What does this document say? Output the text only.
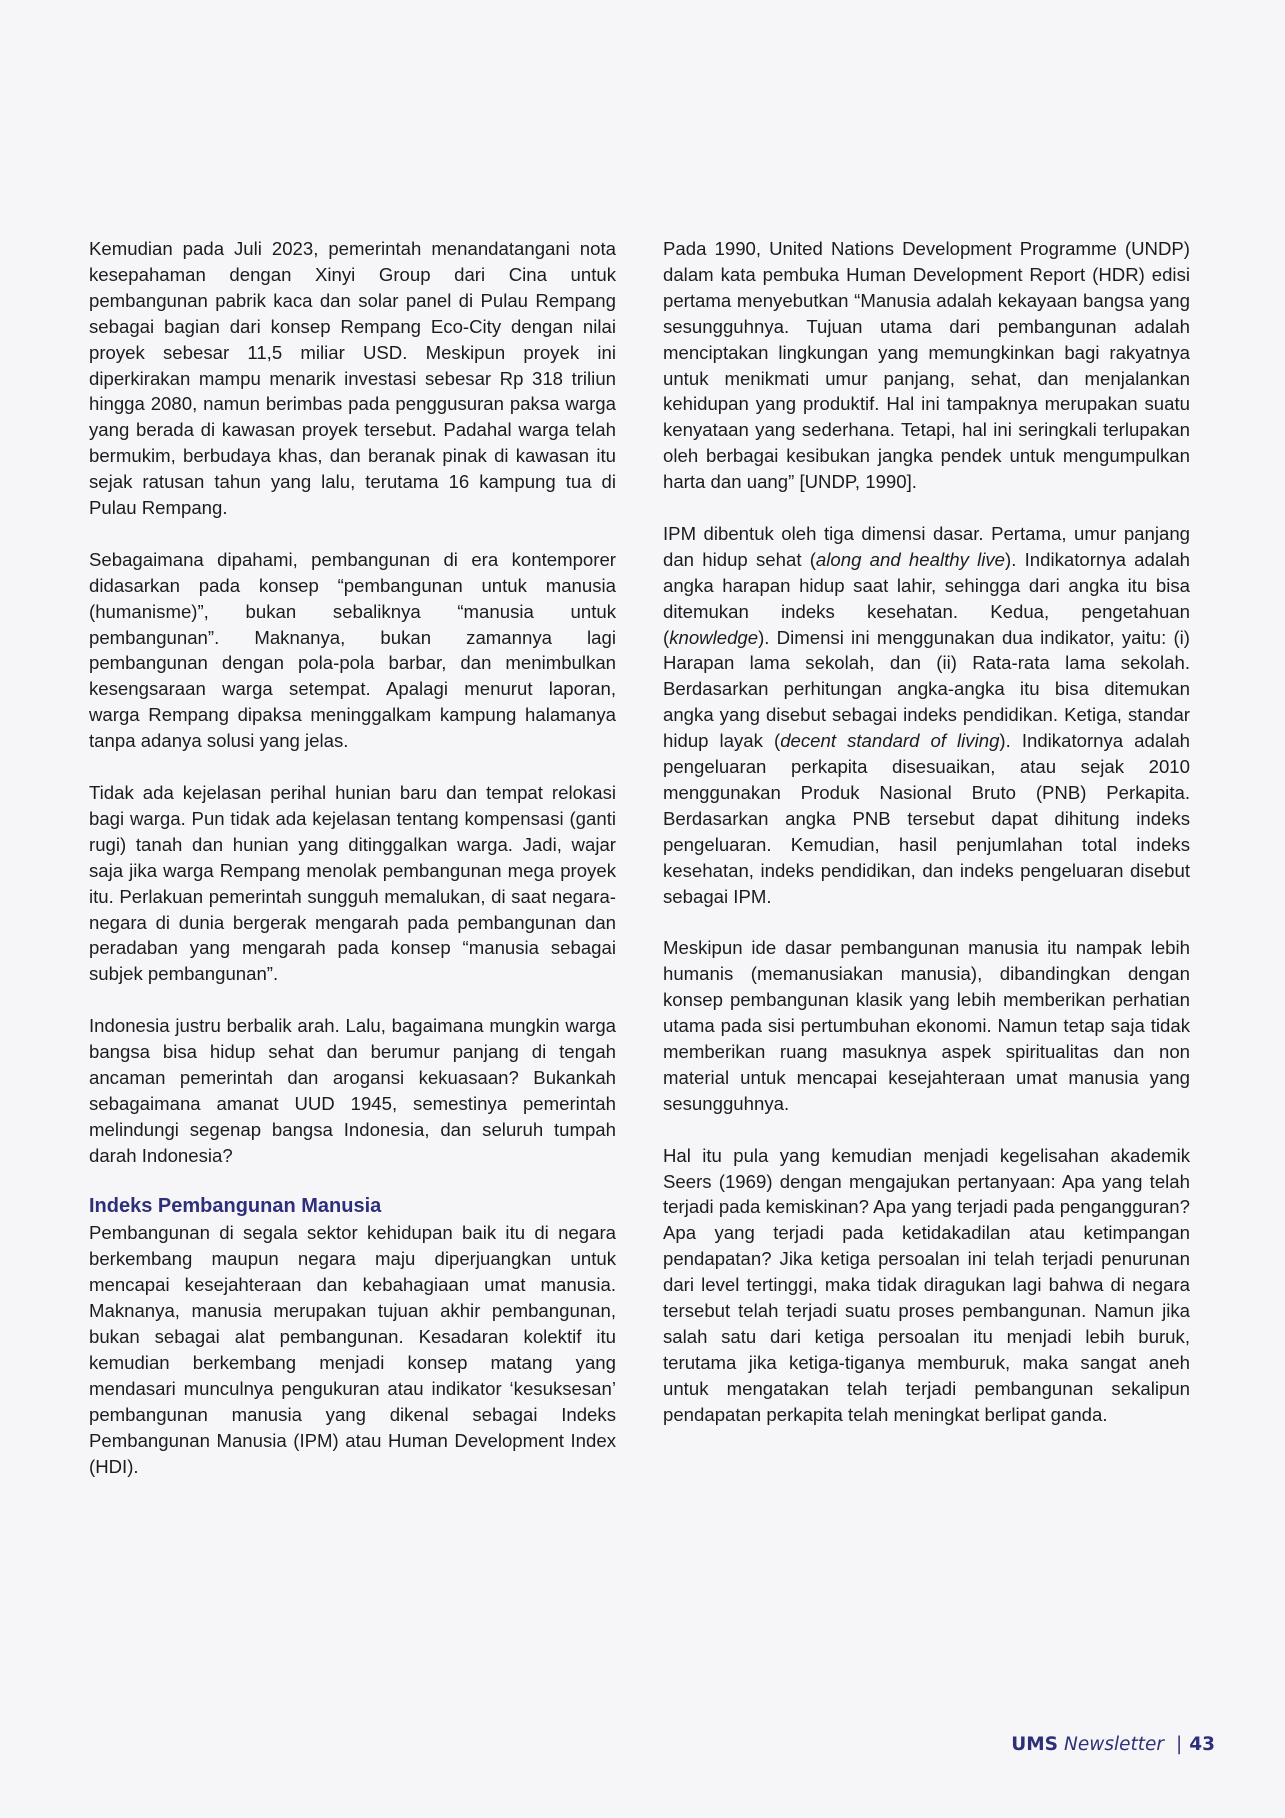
Kemudian pada Juli 2023, pemerintah menandatangani nota kesepahaman dengan Xinyi Group dari Cina untuk pembangunan pabrik kaca dan solar panel di Pulau Rempang sebagai bagian dari konsep Rempang Eco-City dengan nilai proyek sebesar 11,5 miliar USD. Meskipun proyek ini diperkirakan mampu menarik investasi sebesar Rp 318 triliun hingga 2080, namun berimbas pada penggusuran paksa warga yang berada di kawasan proyek tersebut. Padahal warga telah bermukim, berbudaya khas, dan beranak pinak di kawasan itu sejak ratusan tahun yang lalu, terutama 16 kampung tua di Pulau Rempang.

Sebagaimana dipahami, pembangunan di era kontemporer didasarkan pada konsep “pembangunan untuk manusia (humanisme)”, bukan sebaliknya “manusia untuk pembangunan”. Maknanya, bukan zamannya lagi pembangunan dengan pola-pola barbar, dan menimbulkan kesengsaraan warga setempat. Apalagi menurut laporan, warga Rempang dipaksa meninggalkam kampung halamanya tanpa adanya solusi yang jelas.

Tidak ada kejelasan perihal hunian baru dan tempat relokasi bagi warga. Pun tidak ada kejelasan tentang kompensasi (ganti rugi) tanah dan hunian yang ditinggalkan warga. Jadi, wajar saja jika warga Rempang menolak pembangunan mega proyek itu. Perlakuan pemerintah sungguh memalukan, di saat negara-negara di dunia bergerak mengarah pada pembangunan dan peradaban yang mengarah pada konsep “manusia sebagai subjek pembangunan”.

Indonesia justru berbalik arah. Lalu, bagaimana mungkin warga bangsa bisa hidup sehat dan berumur panjang di tengah ancaman pemerintah dan arogansi kekuasaan? Bukankah sebagaimana amanat UUD 1945, semestinya pemerintah melindungi segenap bangsa Indonesia, dan seluruh tumpah darah Indonesia?

Indeks Pembangunan Manusia

Pembangunan di segala sektor kehidupan baik itu di negara berkembang maupun negara maju diperjuangkan untuk mencapai kesejahteraan dan kebahagiaan umat manusia. Maknanya, manusia merupakan tujuan akhir pembangunan, bukan sebagai alat pembangunan. Kesadaran kolektif itu kemudian berkembang menjadi konsep matang yang mendasari munculnya pengukuran atau indikator ‘kesuksesan’ pembangunan manusia yang dikenal sebagai Indeks Pembangunan Manusia (IPM) atau Human Development Index (HDI).

Pada 1990, United Nations Development Programme (UNDP) dalam kata pembuka Human Development Report (HDR) edisi pertama menyebutkan “Manusia adalah kekayaan bangsa yang sesungguhnya. Tujuan utama dari pembangunan adalah menciptakan lingkungan yang memungkinkan bagi rakyatnya untuk menikmati umur panjang, sehat, dan menjalankan kehidupan yang produktif. Hal ini tampaknya merupakan suatu kenyataan yang sederhana. Tetapi, hal ini seringkali terlupakan oleh berbagai kesibukan jangka pendek untuk mengumpulkan harta dan uang” [UNDP, 1990].

IPM dibentuk oleh tiga dimensi dasar. Pertama, umur panjang dan hidup sehat (along and healthy live). Indikatornya adalah angka harapan hidup saat lahir, sehingga dari angka itu bisa ditemukan indeks kesehatan. Kedua, pengetahuan (knowledge). Dimensi ini menggunakan dua indikator, yaitu: (i) Harapan lama sekolah, dan (ii) Rata-rata lama sekolah. Berdasarkan perhitungan angka-angka itu bisa ditemukan angka yang disebut sebagai indeks pendidikan. Ketiga, standar hidup layak (decent standard of living). Indikatornya adalah pengeluaran perkapita disesuaikan, atau sejak 2010 menggunakan Produk Nasional Bruto (PNB) Perkapita. Berdasarkan angka PNB tersebut dapat dihitung indeks pengeluaran. Kemudian, hasil penjumlahan total indeks kesehatan, indeks pendidikan, dan indeks pengeluaran disebut sebagai IPM.

Meskipun ide dasar pembangunan manusia itu nampak lebih humanis (memanusiakan manusia), dibandingkan dengan konsep pembangunan klasik yang lebih memberikan perhatian utama pada sisi pertumbuhan ekonomi. Namun tetap saja tidak memberikan ruang masuknya aspek spiritualitas dan non material untuk mencapai kesejahteraan umat manusia yang sesungguhnya.

Hal itu pula yang kemudian menjadi kegelisahan akademik Seers (1969) dengan mengajukan pertanyaan: Apa yang telah terjadi pada kemiskinan? Apa yang terjadi pada pengangguran? Apa yang terjadi pada ketidakadilan atau ketimpangan pendapatan? Jika ketiga persoalan ini telah terjadi penurunan dari level tertinggi, maka tidak diragukan lagi bahwa di negara tersebut telah terjadi suatu proses pembangunan. Namun jika salah satu dari ketiga persoalan itu menjadi lebih buruk, terutama jika ketiga-tiganya memburuk, maka sangat aneh untuk mengatakan telah terjadi pembangunan sekalipun pendapatan perkapita telah meningkat berlipat ganda.

UMS Newsletter | 43
